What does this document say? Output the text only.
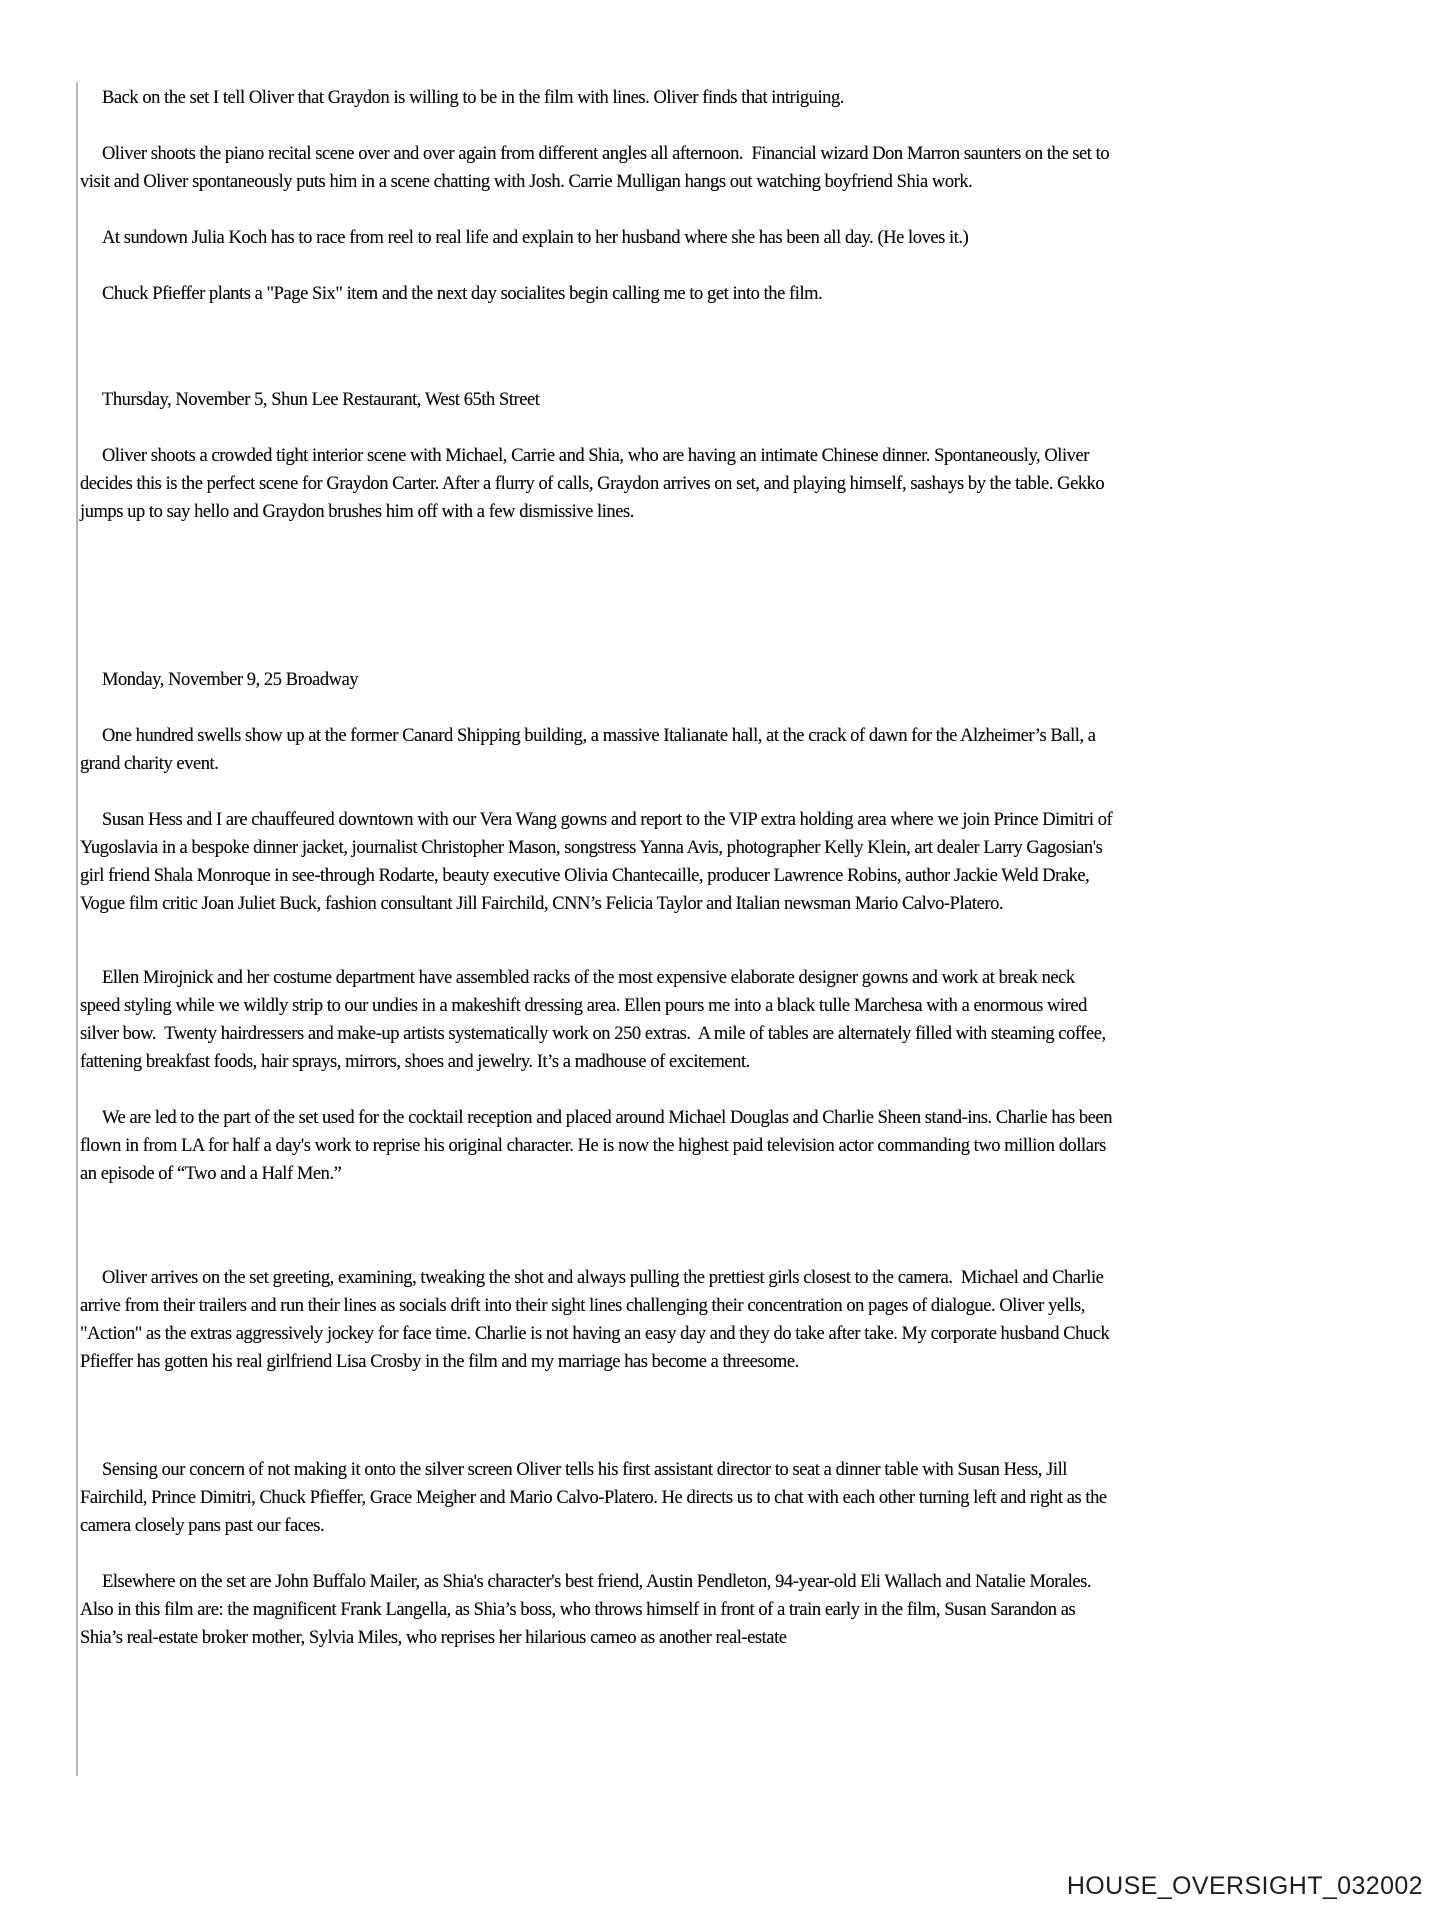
Back on the set I tell Oliver that Graydon is willing to be in the film with lines. Oliver finds that intriguing.

Oliver shoots the piano recital scene over and over again from different angles all afternoon.  Financial wizard Don Marron saunters on the set to visit and Oliver spontaneously puts him in a scene chatting with Josh. Carrie Mulligan hangs out watching boyfriend Shia work.

At sundown Julia Koch has to race from reel to real life and explain to her husband where she has been all day. (He loves it.)

Chuck Pfieffer plants a "Page Six" item and the next day socialites begin calling me to get into the film.

Thursday, November 5, Shun Lee Restaurant, West 65th Street

Oliver shoots a crowded tight interior scene with Michael, Carrie and Shia, who are having an intimate Chinese dinner. Spontaneously, Oliver decides this is the perfect scene for Graydon Carter. After a flurry of calls, Graydon arrives on set, and playing himself, sashays by the table. Gekko jumps up to say hello and Graydon brushes him off with a few dismissive lines.

Monday, November 9, 25 Broadway

One hundred swells show up at the former Canard Shipping building, a massive Italianate hall, at the crack of dawn for the Alzheimer’s Ball, a grand charity event.

Susan Hess and I are chauffeured downtown with our Vera Wang gowns and report to the VIP extra holding area where we join Prince Dimitri of Yugoslavia in a bespoke dinner jacket, journalist Christopher Mason, songstress Yanna Avis, photographer Kelly Klein, art dealer Larry Gagosian's girl friend Shala Monroque in see-through Rodarte, beauty executive Olivia Chantecaille, producer Lawrence Robins, author Jackie Weld Drake, Vogue film critic Joan Juliet Buck, fashion consultant Jill Fairchild, CNN’s Felicia Taylor and Italian newsman Mario Calvo-Platero.

Ellen Mirojnick and her costume department have assembled racks of the most expensive elaborate designer gowns and work at break neck speed styling while we wildly strip to our undies in a makeshift dressing area. Ellen pours me into a black tulle Marchesa with a enormous wired silver bow.  Twenty hairdressers and make-up artists systematically work on 250 extras.  A mile of tables are alternately filled with steaming coffee, fattening breakfast foods, hair sprays, mirrors, shoes and jewelry. It’s a madhouse of excitement.

We are led to the part of the set used for the cocktail reception and placed around Michael Douglas and Charlie Sheen stand-ins. Charlie has been flown in from LA for half a day's work to reprise his original character. He is now the highest paid television actor commanding two million dollars an episode of “Two and a Half Men.”

Oliver arrives on the set greeting, examining, tweaking the shot and always pulling the prettiest girls closest to the camera.  Michael and Charlie arrive from their trailers and run their lines as socials drift into their sight lines challenging their concentration on pages of dialogue. Oliver yells, "Action" as the extras aggressively jockey for face time. Charlie is not having an easy day and they do take after take. My corporate husband Chuck Pfieffer has gotten his real girlfriend Lisa Crosby in the film and my marriage has become a threesome.

Sensing our concern of not making it onto the silver screen Oliver tells his first assistant director to seat a dinner table with Susan Hess, Jill Fairchild, Prince Dimitri, Chuck Pfieffer, Grace Meigher and Mario Calvo-Platero. He directs us to chat with each other turning left and right as the camera closely pans past our faces.

Elsewhere on the set are John Buffalo Mailer, as Shia's character's best friend, Austin Pendleton, 94-year-old Eli Wallach and Natalie Morales. Also in this film are: the magnificent Frank Langella, as Shia’s boss, who throws himself in front of a train early in the film, Susan Sarandon as Shia’s real-estate broker mother, Sylvia Miles, who reprises her hilarious cameo as another real-estate

HOUSE_OVERSIGHT_032002
